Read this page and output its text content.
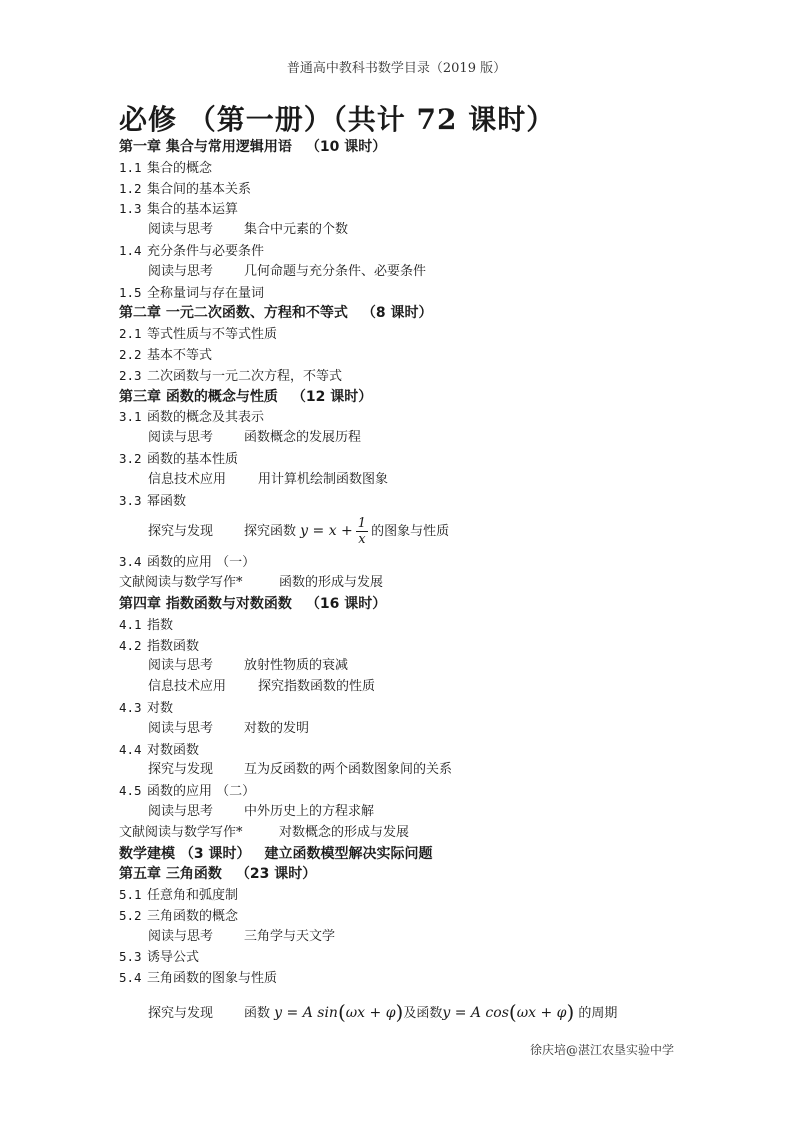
普通高中教科书数学目录（2019 版）
必修 （第一册）（共计 72 课时）
第一章 集合与常用逻辑用语 （10 课时）
1.1 集合的概念
1.2 集合间的基本关系
1.3 集合的基本运算
阅读与思考 集合中元素的个数
1.4 充分条件与必要条件
阅读与思考 几何命题与充分条件、必要条件
1.5 全称量词与存在量词
第二章 一元二次函数、方程和不等式 （8 课时）
2.1 等式性质与不等式性质
2.2 基本不等式
2.3 二次函数与一元二次方程，不等式
第三章 函数的概念与性质 （12 课时）
3.1 函数的概念及其表示
阅读与思考 函数概念的发展历程
3.2 函数的基本性质
信息技术应用 用计算机绘制函数图象
3.3 幂函数
探究与发现 探究函数 $y = x + \frac{1}{x}$ 的图象与性质
3.4 函数的应用 （一）
文献阅读与数学写作*	函数的形成与发展
第四章 指数函数与对数函数 （16 课时）
4.1 指数
4.2 指数函数
阅读与思考 放射性物质的衰减
信息技术应用 探究指数函数的性质
4.3 对数
阅读与思考 对数的发明
4.4 对数函数
探究与发现 互为反函数的两个函数图象间的关系
4.5 函数的应用 （二）
阅读与思考 中外历史上的方程求解
文献阅读与数学写作*	对数概念的形成与发展
数学建模 （3 课时） 建立函数模型解决实际问题
第五章 三角函数 （23 课时）
5.1 任意角和弧度制
5.2 三角函数的概念
阅读与思考 三角学与天文学
5.3 诱导公式
5.4 三角函数的图象与性质
探究与发现 函数 y = A sin(ωx + φ)及函数y = A cos(ωx + φ) 的周期
徐庆培@湛江农垦实验中学
